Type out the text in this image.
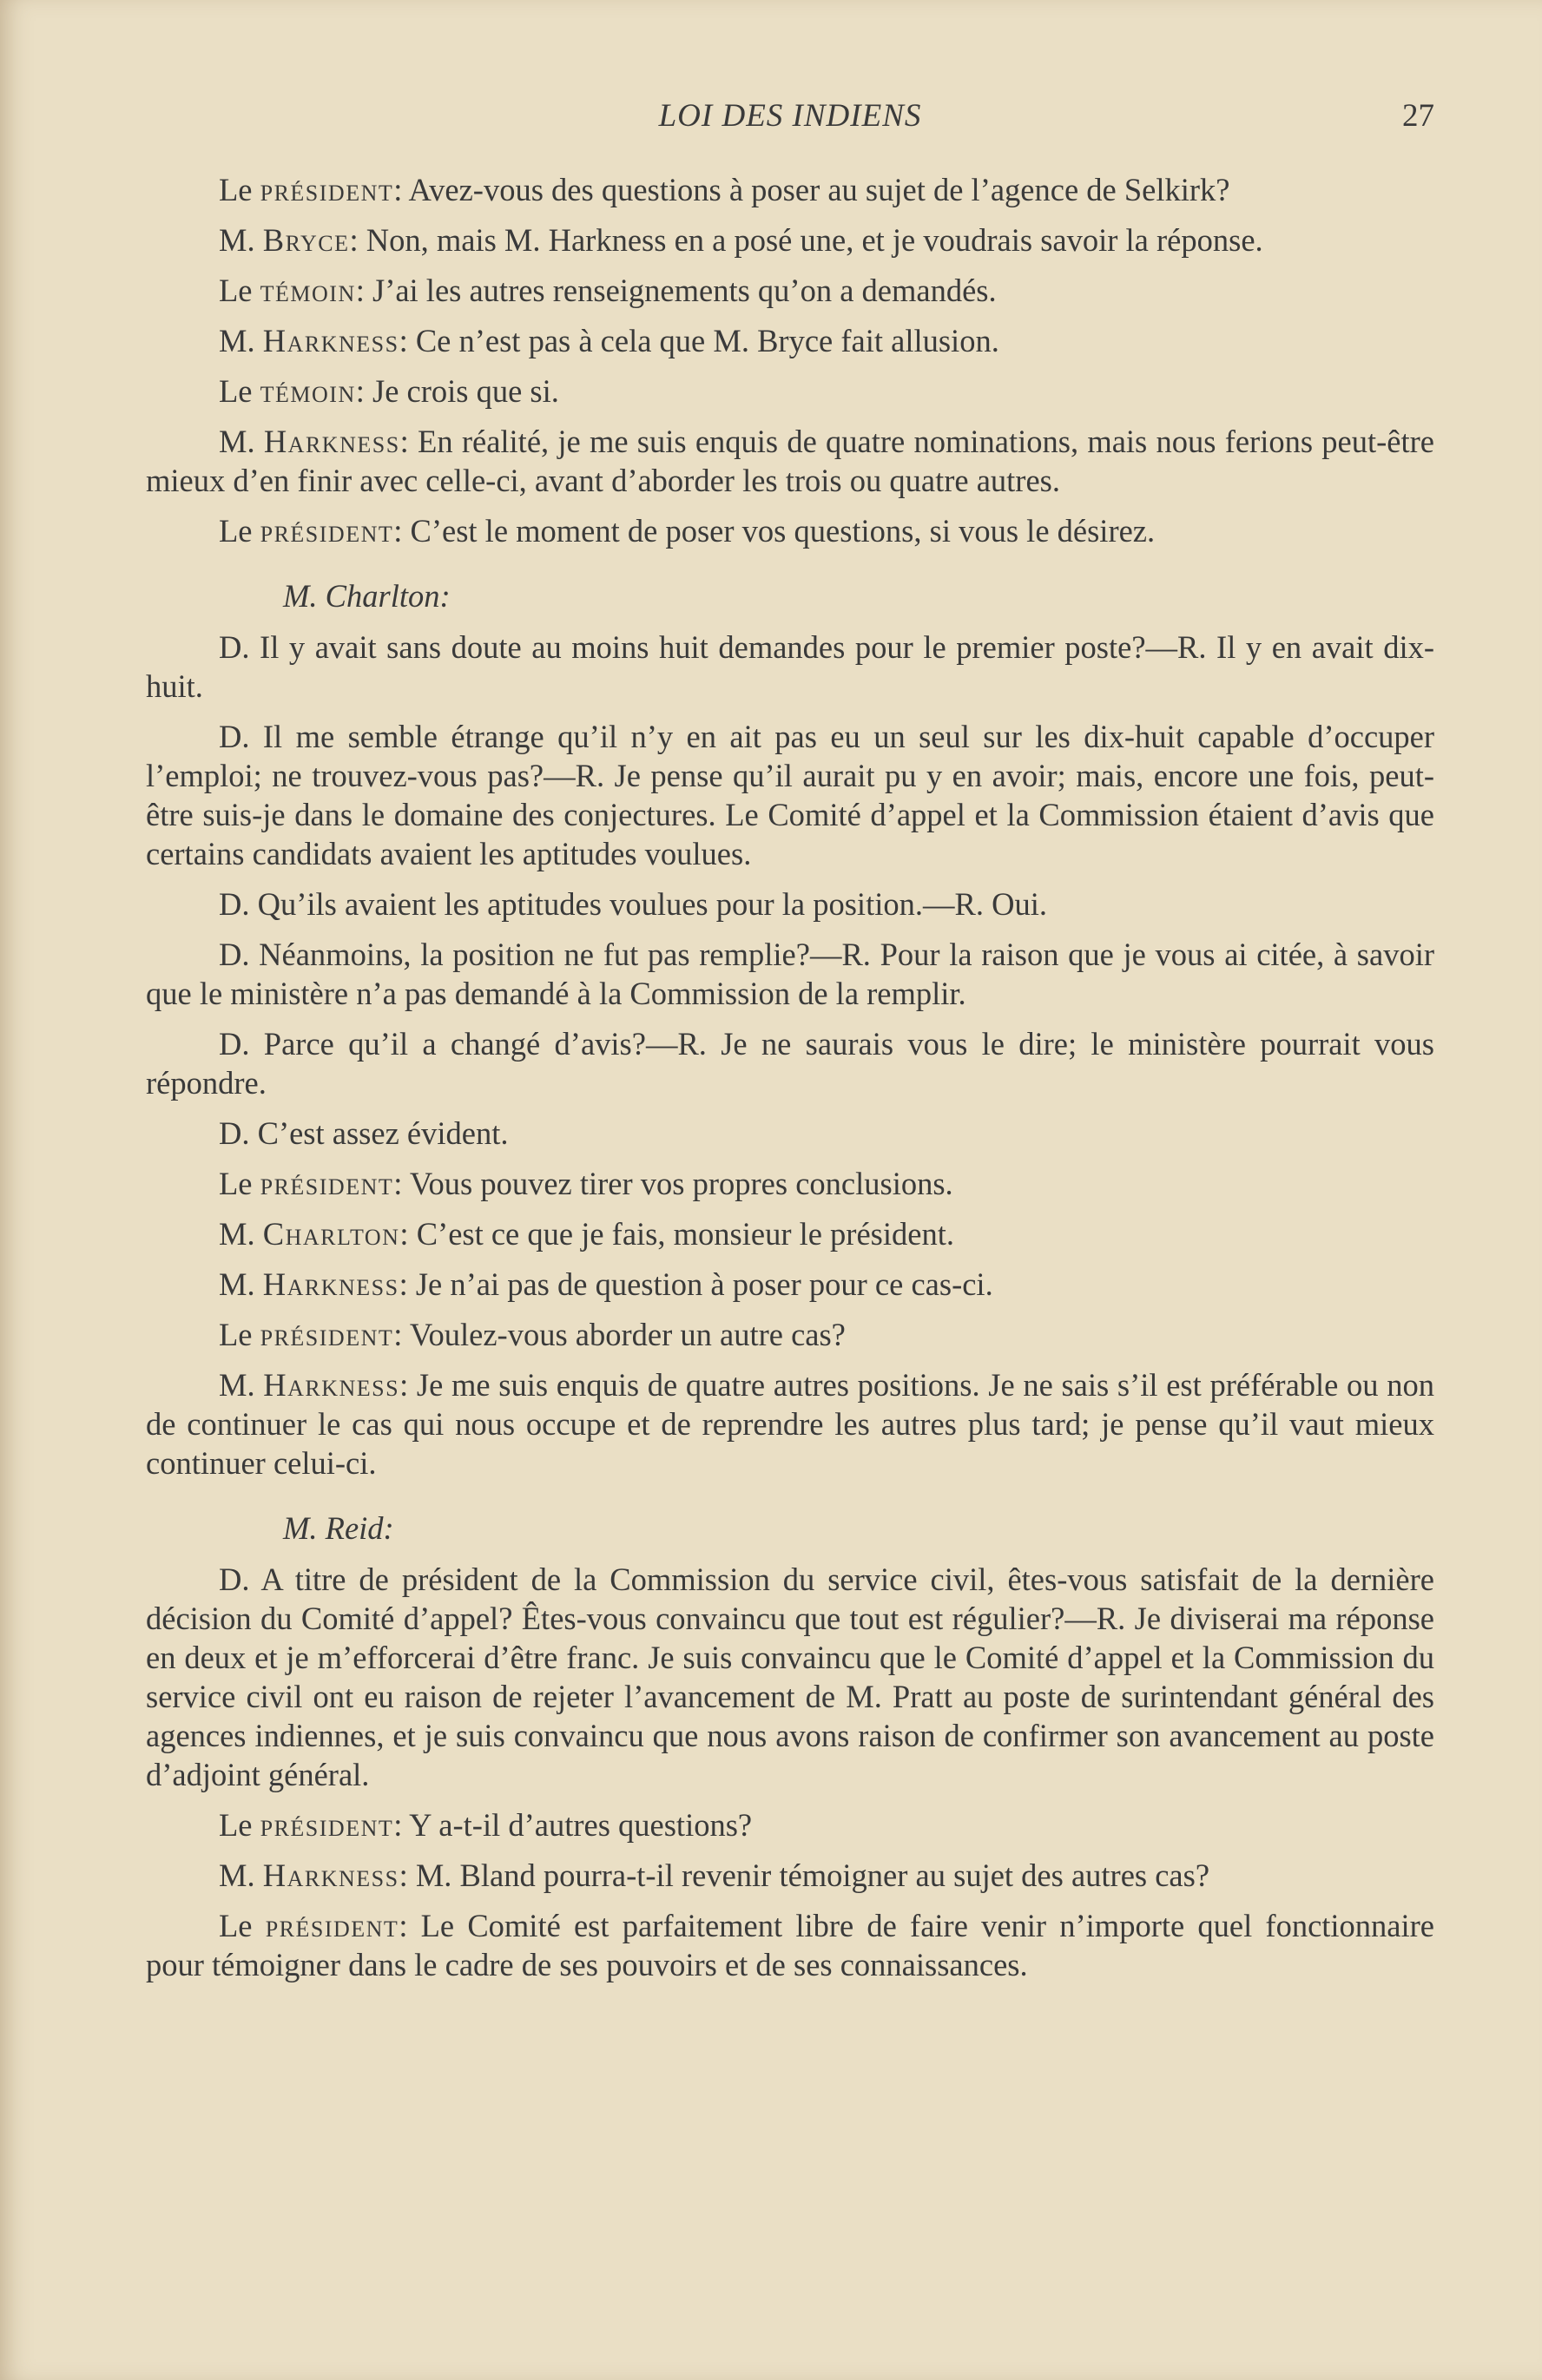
LOI DES INDIENS	27

Le président: Avez-vous des questions à poser au sujet de l’agence de Selkirk?

M. Bryce: Non, mais M. Harkness en a posé une, et je voudrais savoir la réponse.

Le témoin: J’ai les autres renseignements qu’on a demandés.

M. Harkness: Ce n’est pas à cela que M. Bryce fait allusion.

Le témoin: Je crois que si.

M. Harkness: En réalité, je me suis enquis de quatre nominations, mais nous ferions peut-être mieux d’en finir avec celle-ci, avant d’aborder les trois ou quatre autres.

Le président: C’est le moment de poser vos questions, si vous le désirez.

M. Charlton:

D. Il y avait sans doute au moins huit demandes pour le premier poste?—R. Il y en avait dix-huit.

D. Il me semble étrange qu’il n’y en ait pas eu un seul sur les dix-huit capable d’occuper l’emploi; ne trouvez-vous pas?—R. Je pense qu’il aurait pu y en avoir; mais, encore une fois, peut-être suis-je dans le domaine des conjectures. Le Comité d’appel et la Commission étaient d’avis que certains candidats avaient les aptitudes voulues.

D. Qu’ils avaient les aptitudes voulues pour la position.—R. Oui.

D. Néanmoins, la position ne fut pas remplie?—R. Pour la raison que je vous ai citée, à savoir que le ministère n’a pas demandé à la Commission de la remplir.

D. Parce qu’il a changé d’avis?—R. Je ne saurais vous le dire; le ministère pourrait vous répondre.

D. C’est assez évident.

Le président: Vous pouvez tirer vos propres conclusions.

M. Charlton: C’est ce que je fais, monsieur le président.

M. Harkness: Je n’ai pas de question à poser pour ce cas-ci.

Le président: Voulez-vous aborder un autre cas?

M. Harkness: Je me suis enquis de quatre autres positions. Je ne sais s’il est préférable ou non de continuer le cas qui nous occupe et de reprendre les autres plus tard; je pense qu’il vaut mieux continuer celui-ci.

M. Reid:

D. A titre de président de la Commission du service civil, êtes-vous satisfait de la dernière décision du Comité d’appel? Êtes-vous convaincu que tout est régulier?—R. Je diviserai ma réponse en deux et je m’efforcerai d’être franc. Je suis convaincu que le Comité d’appel et la Commission du service civil ont eu raison de rejeter l’avancement de M. Pratt au poste de surintendant général des agences indiennes, et je suis convaincu que nous avons raison de confirmer son avancement au poste d’adjoint général.

Le président: Y a-t-il d’autres questions?

M. Harkness: M. Bland pourra-t-il revenir témoigner au sujet des autres cas?

Le président: Le Comité est parfaitement libre de faire venir n’importe quel fonctionnaire pour témoigner dans le cadre de ses pouvoirs et de ses connaissances.
